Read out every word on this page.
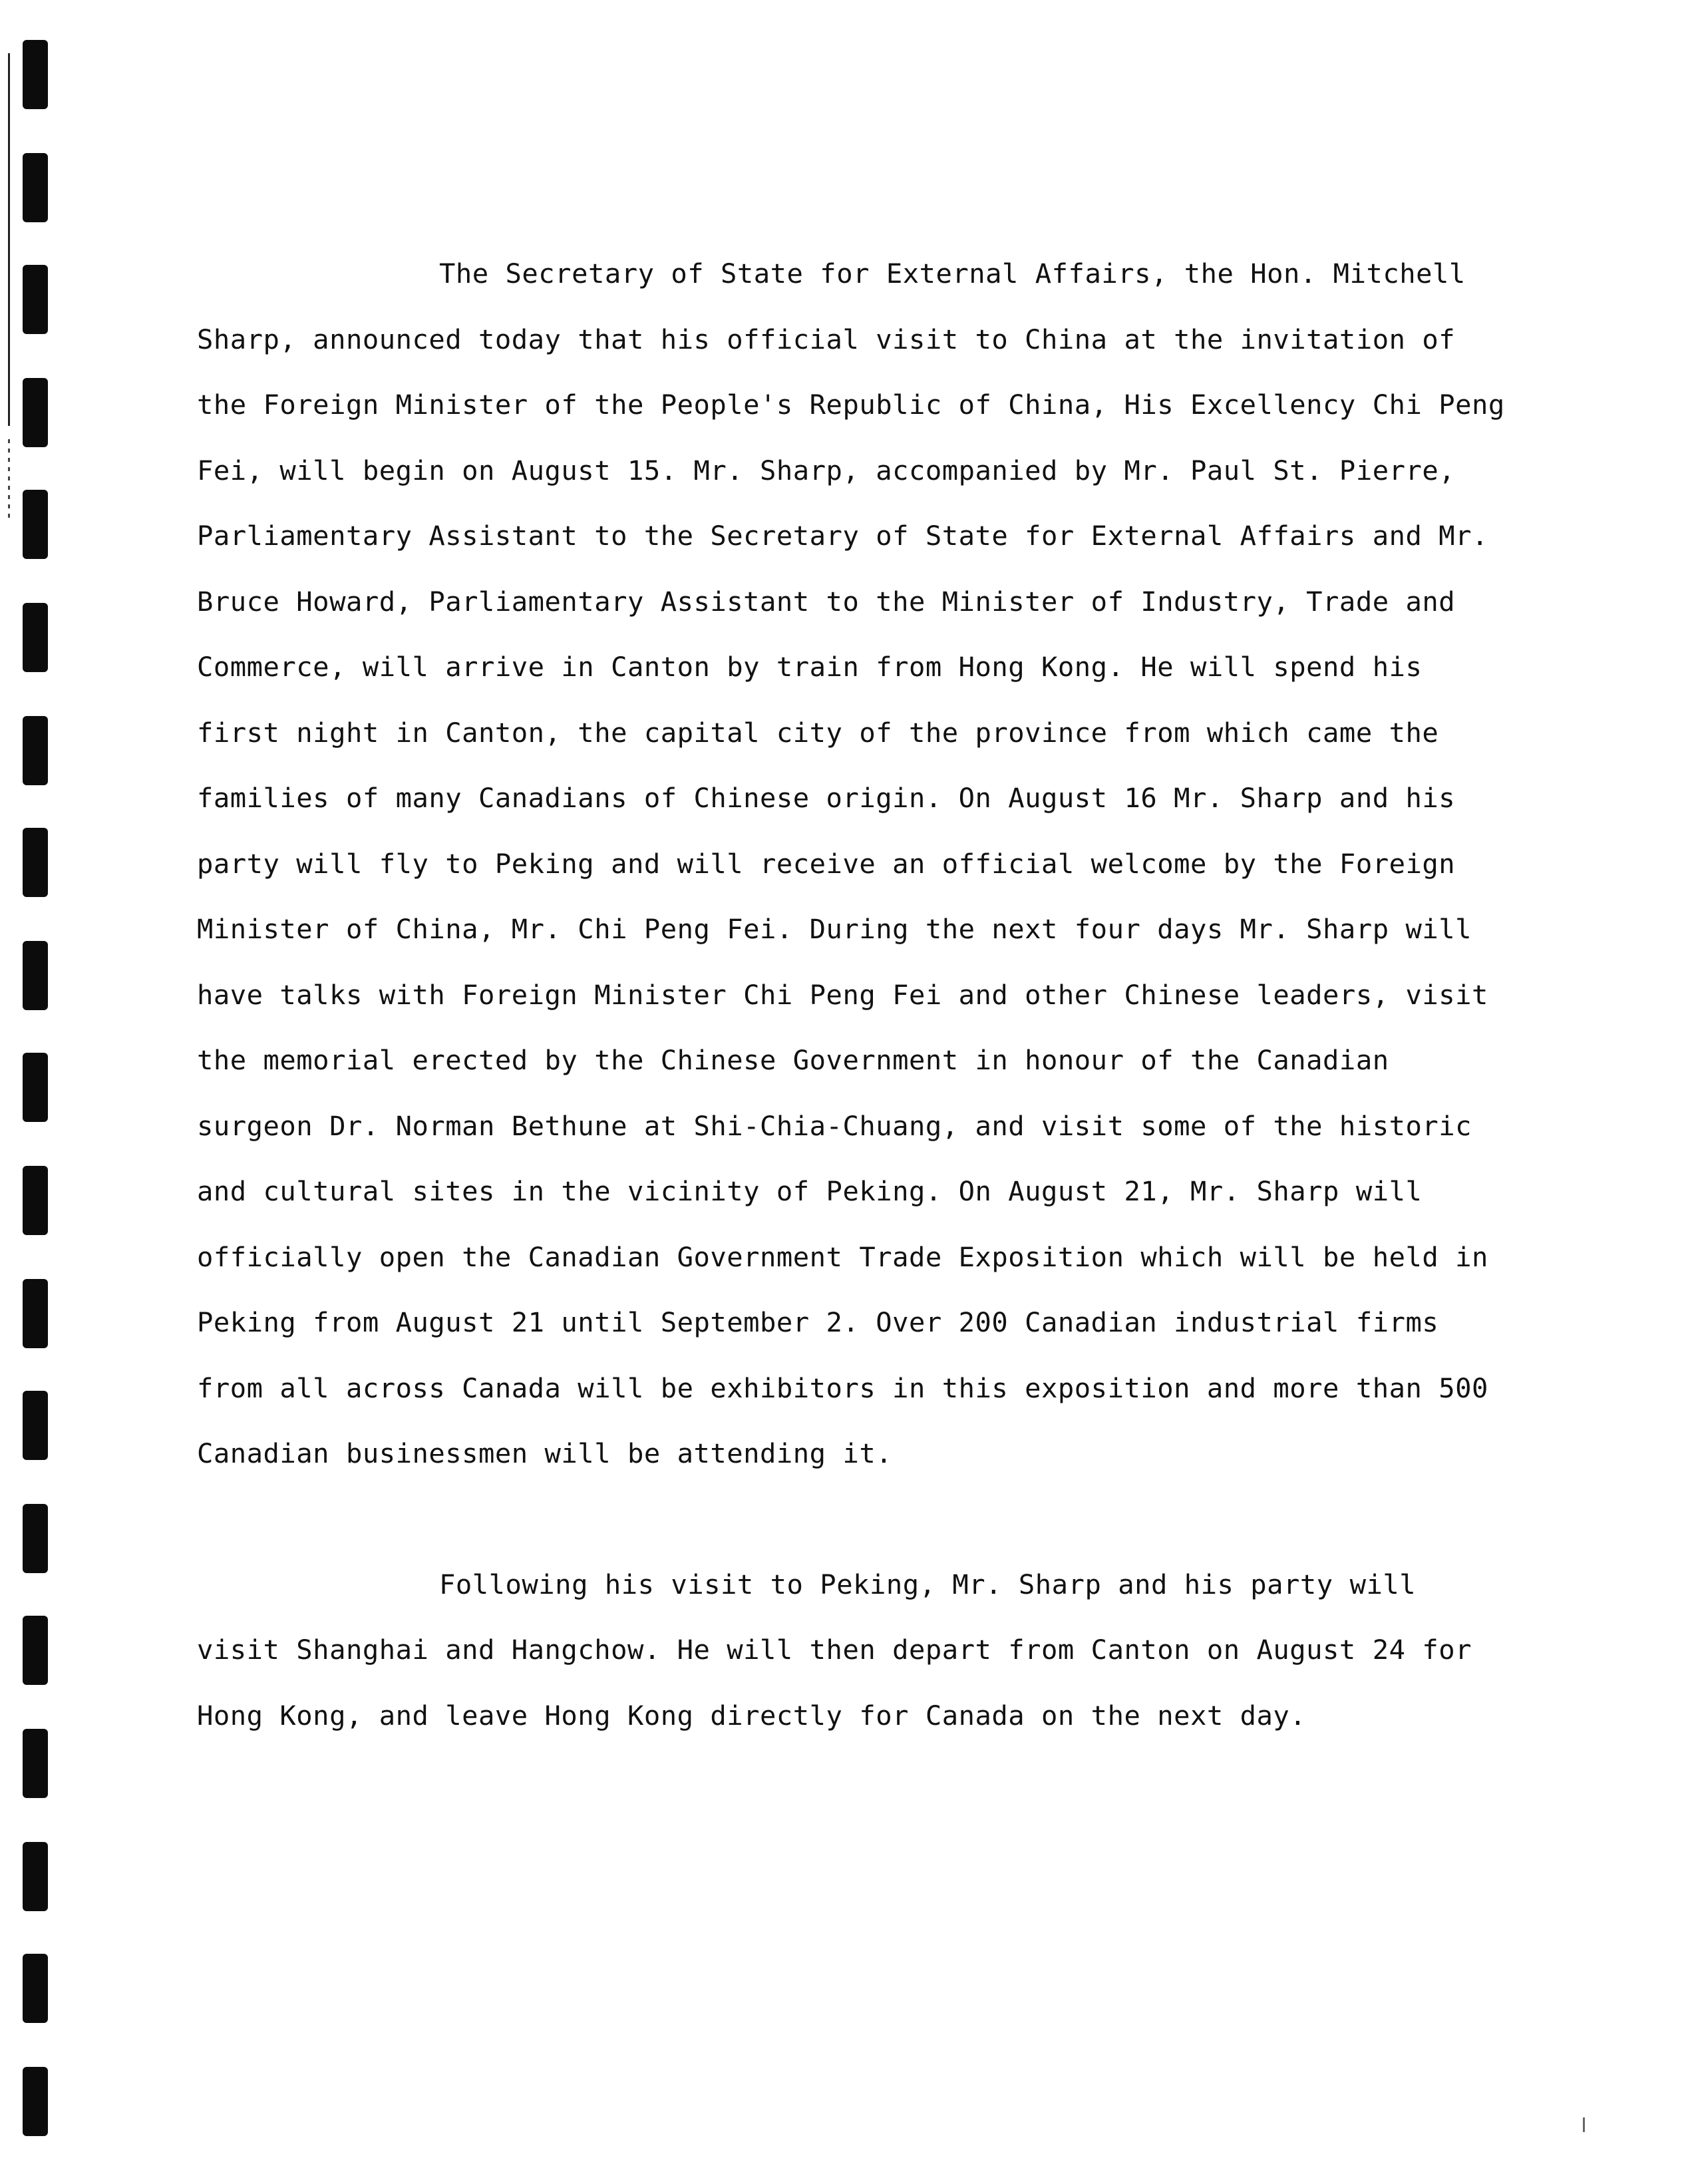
The Secretary of State for External Affairs, the Hon. Mitchell Sharp, announced today that his official visit to China at the invitation of the Foreign Minister of the People's Republic of China, His Excellency Chi Peng Fei, will begin on August 15. Mr. Sharp, accompanied by Mr. Paul St. Pierre, Parliamentary Assistant to the Secretary of State for External Affairs and Mr. Bruce Howard, Parliamentary Assistant to the Minister of Industry, Trade and Commerce, will arrive in Canton by train from Hong Kong. He will spend his first night in Canton, the capital city of the province from which came the families of many Canadians of Chinese origin. On August 16 Mr. Sharp and his party will fly to Peking and will receive an official welcome by the Foreign Minister of China, Mr. Chi Peng Fei. During the next four days Mr. Sharp will have talks with Foreign Minister Chi Peng Fei and other Chinese leaders, visit the memorial erected by the Chinese Government in honour of the Canadian surgeon Dr. Norman Bethune at Shi-Chia-Chuang, and visit some of the historic and cultural sites in the vicinity of Peking. On August 21, Mr. Sharp will officially open the Canadian Government Trade Exposition which will be held in Peking from August 21 until September 2. Over 200 Canadian industrial firms from all across Canada will be exhibitors in this exposition and more than 500 Canadian businessmen will be attending it.

Following his visit to Peking, Mr. Sharp and his party will visit Shanghai and Hangchow. He will then depart from Canton on August 24 for Hong Kong, and leave Hong Kong directly for Canada on the next day.
